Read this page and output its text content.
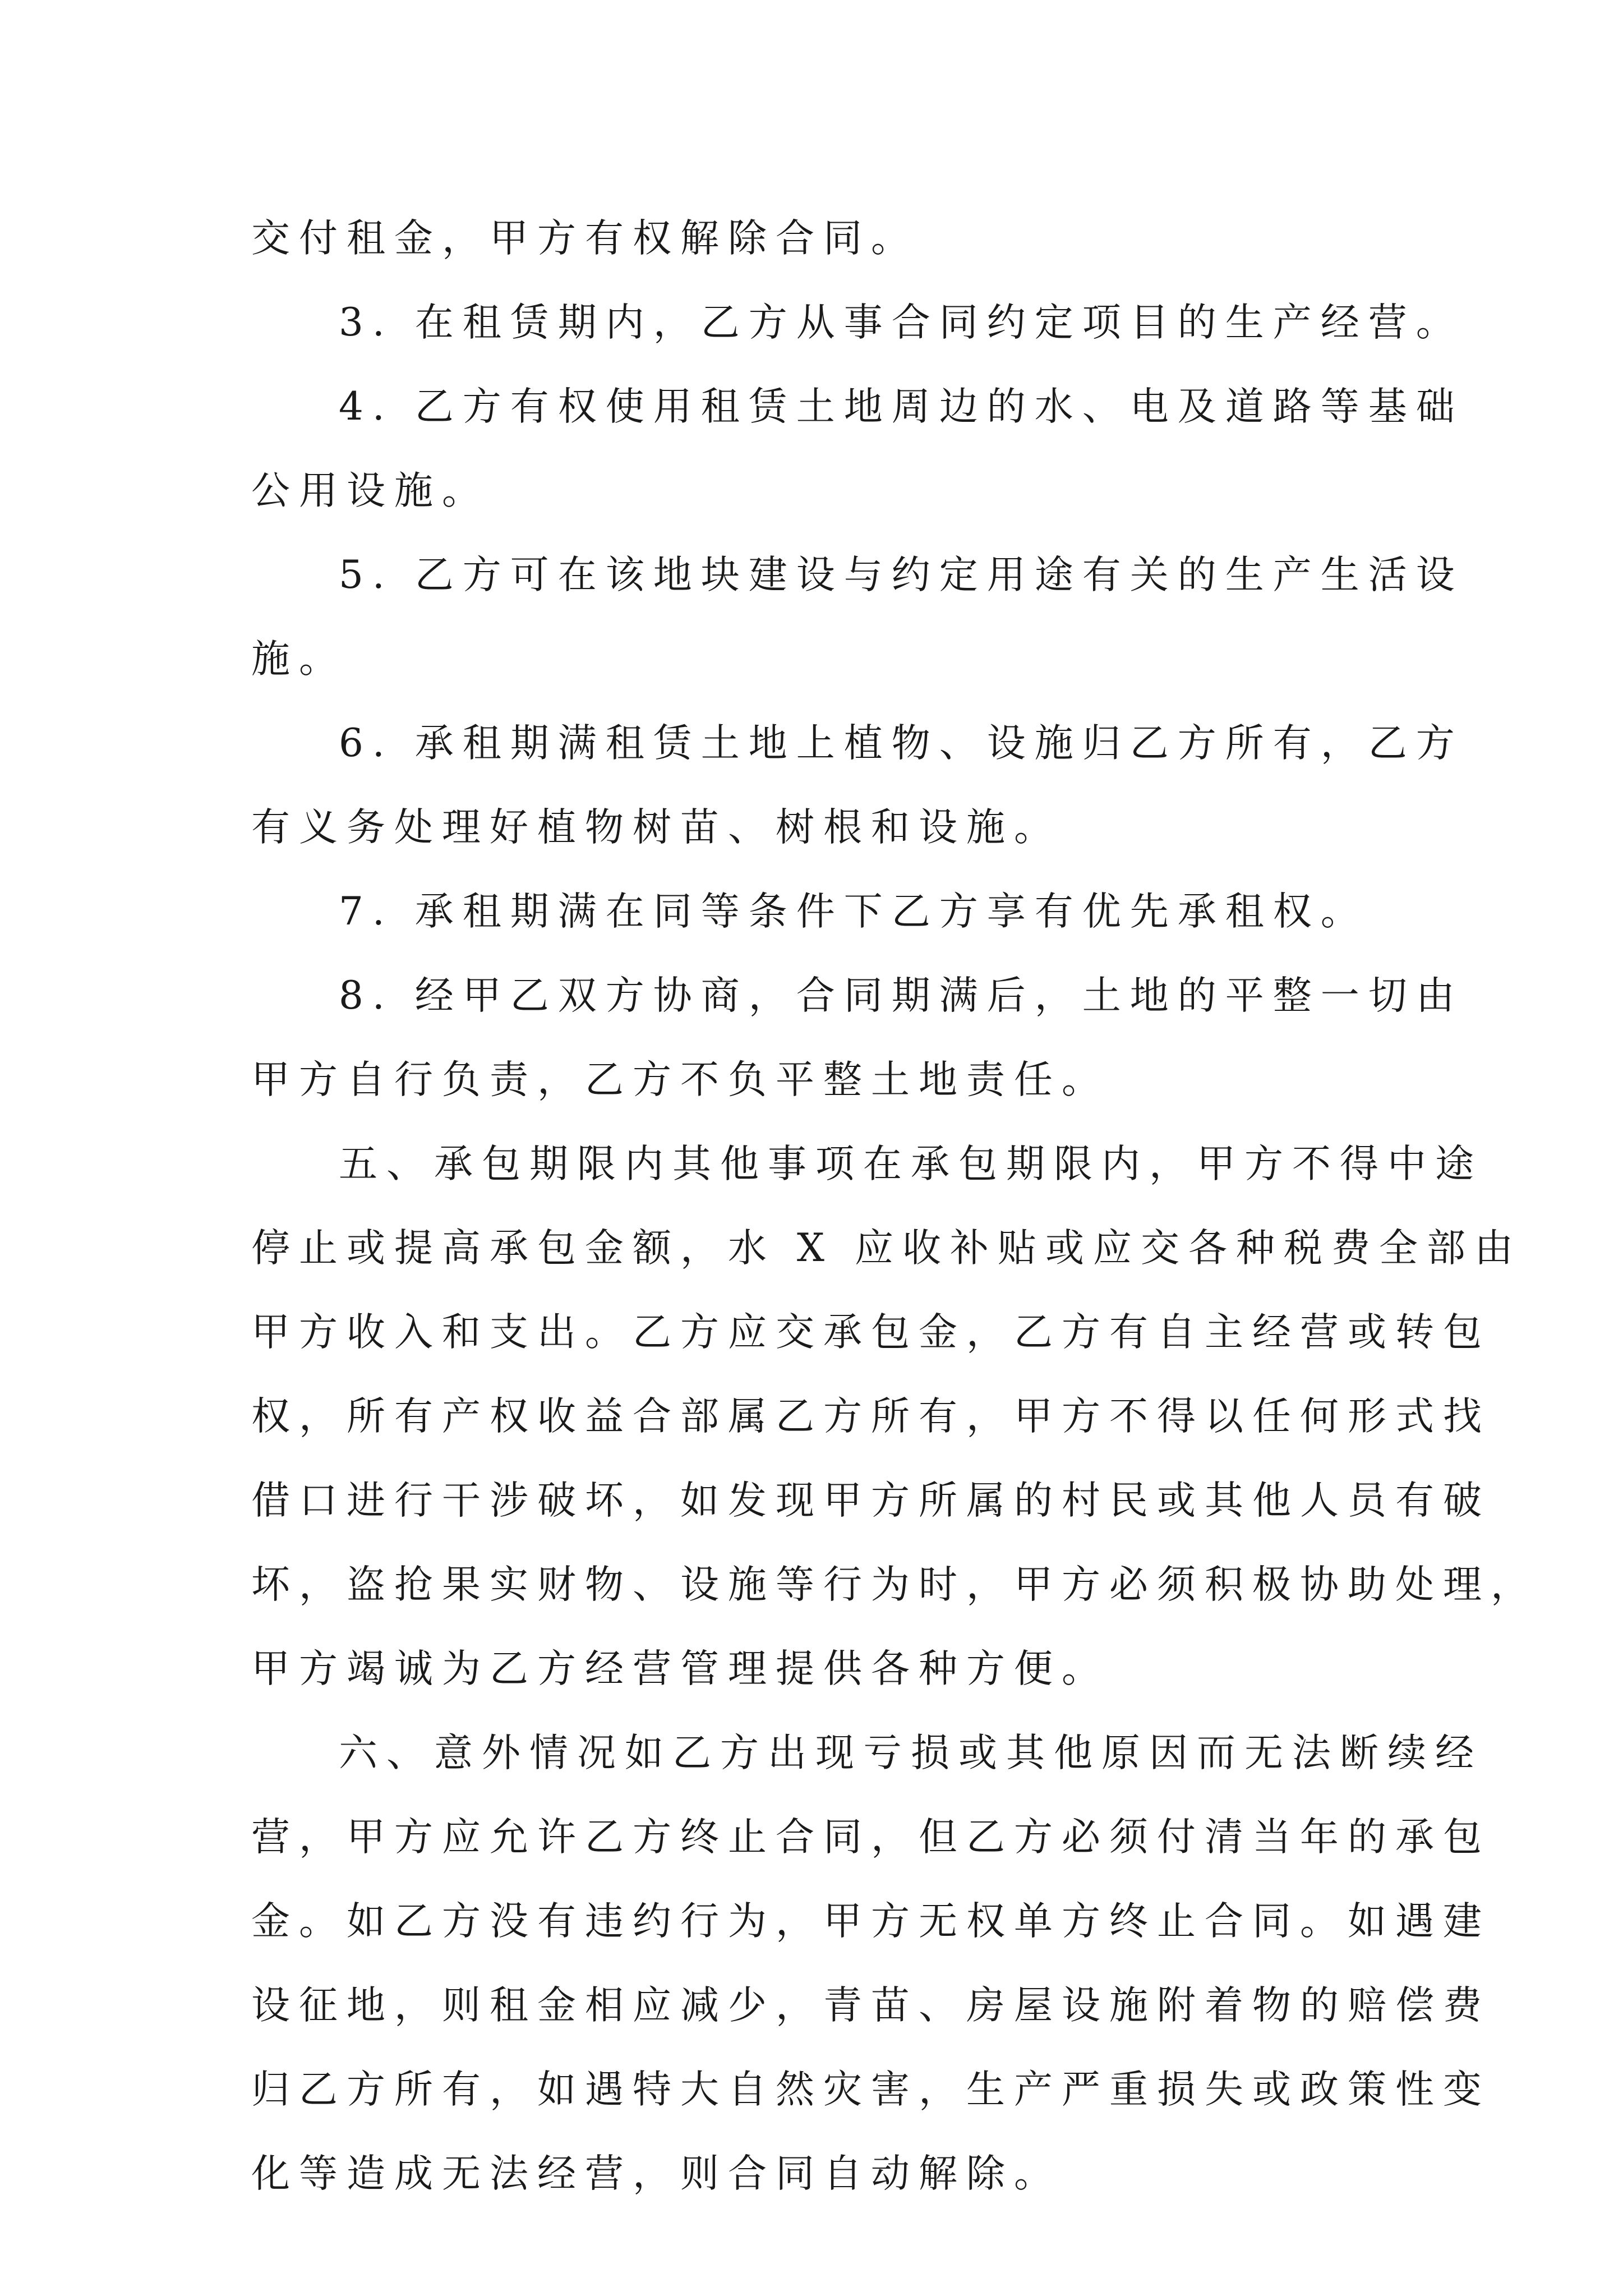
交付租金，甲方有权解除合同。
3. 在租赁期内，乙方从事合同约定项目的生产经营。
4. 乙方有权使用租赁土地周边的水、电及道路等基础
公用设施。
5. 乙方可在该地块建设与约定用途有关的生产生活设
施。
6. 承租期满租赁土地上植物、设施归乙方所有，乙方
有义务处理好植物树苗、树根和设施。
7. 承租期满在同等条件下乙方享有优先承租权。
8. 经甲乙双方协商，合同期满后，土地的平整一切由
甲方自行负责，乙方不负平整土地责任。
五、承包期限内其他事项在承包期限内，甲方不得中途
停止或提高承包金额，水 X 应收补贴或应交各种税费全部由
甲方收入和支出。乙方应交承包金，乙方有自主经营或转包
权，所有产权收益合部属乙方所有，甲方不得以任何形式找
借口进行干涉破坏，如发现甲方所属的村民或其他人员有破
坏，盗抢果实财物、设施等行为时，甲方必须积极协助处理，
甲方竭诚为乙方经营管理提供各种方便。
六、意外情况如乙方出现亏损或其他原因而无法断续经
营，甲方应允许乙方终止合同，但乙方必须付清当年的承包
金。如乙方没有违约行为，甲方无权单方终止合同。如遇建
设征地，则租金相应减少，青苗、房屋设施附着物的赔偿费
归乙方所有，如遇特大自然灾害，生产严重损失或政策性变
化等造成无法经营，则合同自动解除。
